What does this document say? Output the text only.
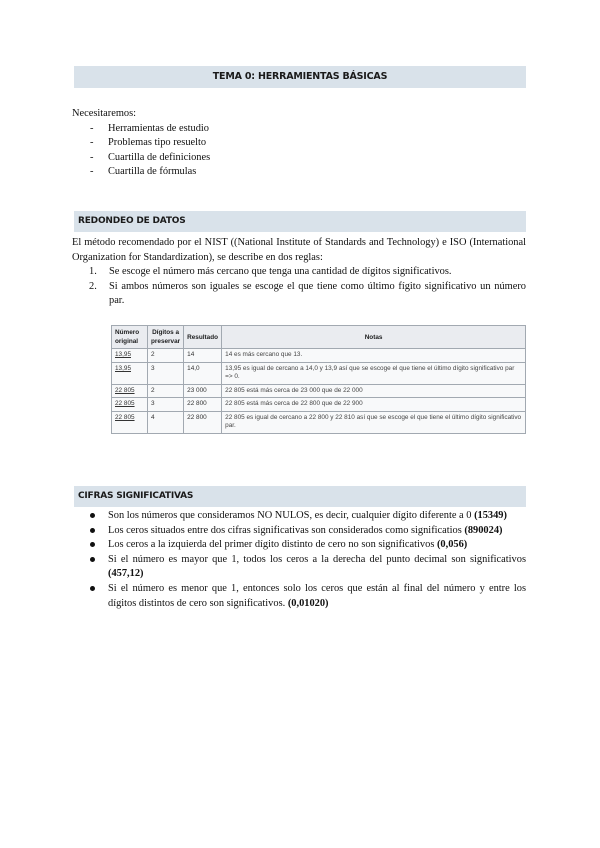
TEMA 0: HERRAMIENTAS BÁSICAS
Necesitaremos:
- Herramientas de estudio
- Problemas tipo resuelto
- Cuartilla de definiciones
- Cuartilla de fórmulas
REDONDEO DE DATOS

El método recomendado por el NIST ((National Institute of Standards and Technology) e ISO (International Organization for Standardization), se describe en dos reglas:

1. Se escoge el número más cercano que tenga una cantidad de dígitos significativos.
2. Si ambos números son iguales se escoge el que tiene como último fígito significativo un número par.
Número original	Dígitos a preservar	Resultado	Notas
13,95	2	14	14 es más cercano que 13.
13,95	3	14,0	13,95 es igual de cercano a 14,0 y 13,9 así que se escoge el que tiene el último dígito significativo par => 0.
22 805	2	23 000	22 805 está más cerca de 23 000 que de 22 000
22 805	3	22 800	22 805 está más cerca de 22 800 que de 22 900
22 805	4	22 800	22 805 es igual de cercano a 22 800 y 22 810 así que se escoge el que tiene el último dígito significativo par.
CIFRAS SIGNIFICATIVAS
Son los números que consideramos NO NULOS, es decir, cualquier dígito diferente a 0 (15349)
Los ceros situados entre dos cifras significativas son considerados como significatios (890024)
Los ceros a la izquierda del primer dígito distinto de cero no son significativos (0,056)
Si el número es mayor que 1, todos los ceros a la derecha del punto decimal son significativos (457,12)
Si el número es menor que 1, entonces solo los ceros que están al final del número y entre los dígitos distintos de cero son significativos. (0,01020)
